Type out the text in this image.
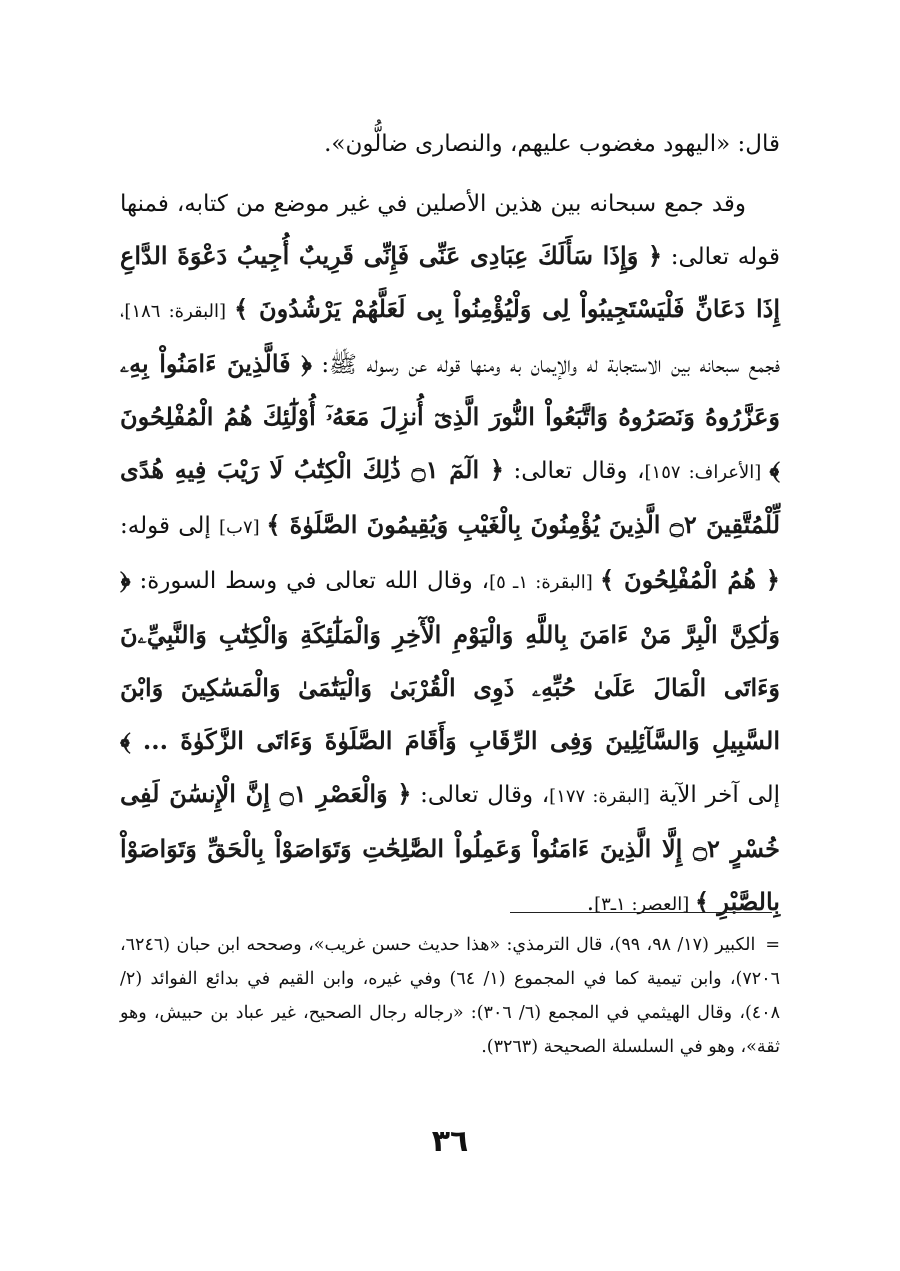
قال: «اليهود مغضوب عليهم، والنصارى ضالُّون».

وقد جمع سبحانه بين هذين الأصلين في غير موضع من كتابه، فمنها قوله تعالى: ﴿ وَإِذَا سَأَلَكَ عِبَادِى عَنِّى فَإِنِّى قَرِيبٌ أُجِيبُ دَعْوَةَ الدَّاعِ إِذَا دَعَانِّ فَلْيَسْتَجِيبُواْ لِى وَلْيُؤْمِنُواْ بِى لَعَلَّهُمْ يَرْشُدُونَ ﴾ [البقرة: ١٨٦]، فجمع سبحانه بين الاستجابة له والإيمان به ومنها قوله عن رسوله ﷺ: ﴿ فَالَّذِينَ ءَامَنُواْ بِهِۦ وَعَزَّرُوهُ وَنَصَرُوهُ وَاتَّبَعُواْ النُّورَ الَّذِىٓ أُنزِلَ مَعَهُۥٓ أُوْلَٰٓئِكَ هُمُ الْمُفْلِحُونَ ﴾ [الأعراف: ١٥٧]، وقال تعالى: ﴿ الٓمٓ ۝١ ذَٰلِكَ الْكِتَٰبُ لَا رَيْبَ فِيهِ هُدًى لِّلْمُتَّقِينَ ۝٢ الَّذِينَ يُؤْمِنُونَ بِالْغَيْبِ وَيُقِيمُونَ الصَّلَوٰةَ ﴾ [٧ب] إلى قوله: ﴿ هُمُ الْمُفْلِحُونَ ﴾ [البقرة: ١ـ ٥]، وقال الله تعالى في وسط السورة: ﴿ وَلَٰكِنَّ الْبِرَّ مَنْ ءَامَنَ بِاللَّهِ وَالْيَوْمِ الْأٓخِرِ وَالْمَلَٰٓئِكَةِ وَالْكِتَٰبِ وَالنَّبِيِّۦنَ وَءَاتَى الْمَالَ عَلَىٰ حُبِّهِۦ ذَوِى الْقُرْبَىٰ وَالْيَتَٰمَىٰ وَالْمَسَٰكِينَ وَابْنَ السَّبِيلِ وَالسَّآئِلِينَ وَفِى الرِّقَابِ وَأَقَامَ الصَّلَوٰةَ وَءَاتَى الزَّكَوٰةَ ... ﴾ إلى آخر الآية [البقرة: ١٧٧]، وقال تعالى: ﴿ وَالْعَصْرِ ۝١ إِنَّ الْإِنسَٰنَ لَفِى خُسْرٍ ۝٢ إِلَّا الَّذِينَ ءَامَنُواْ وَعَمِلُواْ الصَّٰلِحَٰتِ وَتَوَاصَوْاْ بِالْحَقِّ وَتَوَاصَوْاْ بِالصَّبْرِ ﴾ [العصر: ١ـ٣].

=الكبير (١٧/ ٩٨، ٩٩)، قال الترمذي: «هذا حديث حسن غريب»، وصححه ابن حبان (٦٢٤٦، ٧٢٠٦)، وابن تيمية كما في المجموع (١/ ٦٤) وفي غيره، وابن القيم في بدائع الفوائد (٢/ ٤٠٨)، وقال الهيثمي في المجمع (٦/ ٣٠٦): «رجاله رجال الصحيح، غير عباد بن حبيش، وهو ثقة»، وهو في السلسلة الصحيحة (٣٢٦٣).
٣٦
